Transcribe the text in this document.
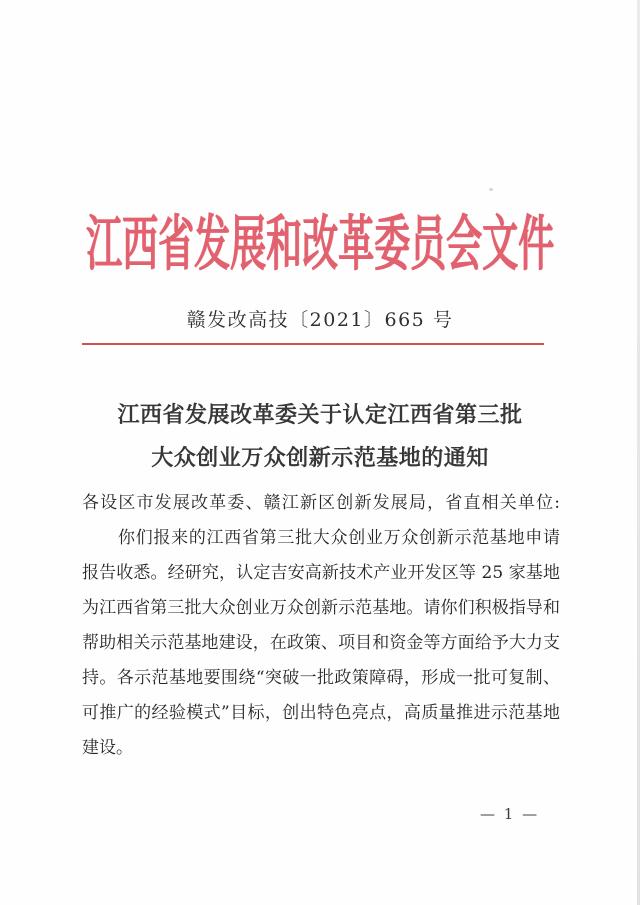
江西省发展和改革委员会文件
赣发改高技〔2021〕665 号
江西省发展改革委关于认定江西省第三批
大众创业万众创新示范基地的通知
各设区市发展改革委、赣江新区创新发展局，省直相关单位:
你们报来的江西省第三批大众创业万众创新示范基地申请
报告收悉。经研究，认定吉安高新技术产业开发区等 25 家基地
为江西省第三批大众创业万众创新示范基地。请你们积极指导和
帮助相关示范基地建设，在政策、项目和资金等方面给予大力支
持。各示范基地要围绕“突破一批政策障碍，形成一批可复制、
可推广的经验模式”目标，创出特色亮点，高质量推进示范基地
建设。
— 1 —
